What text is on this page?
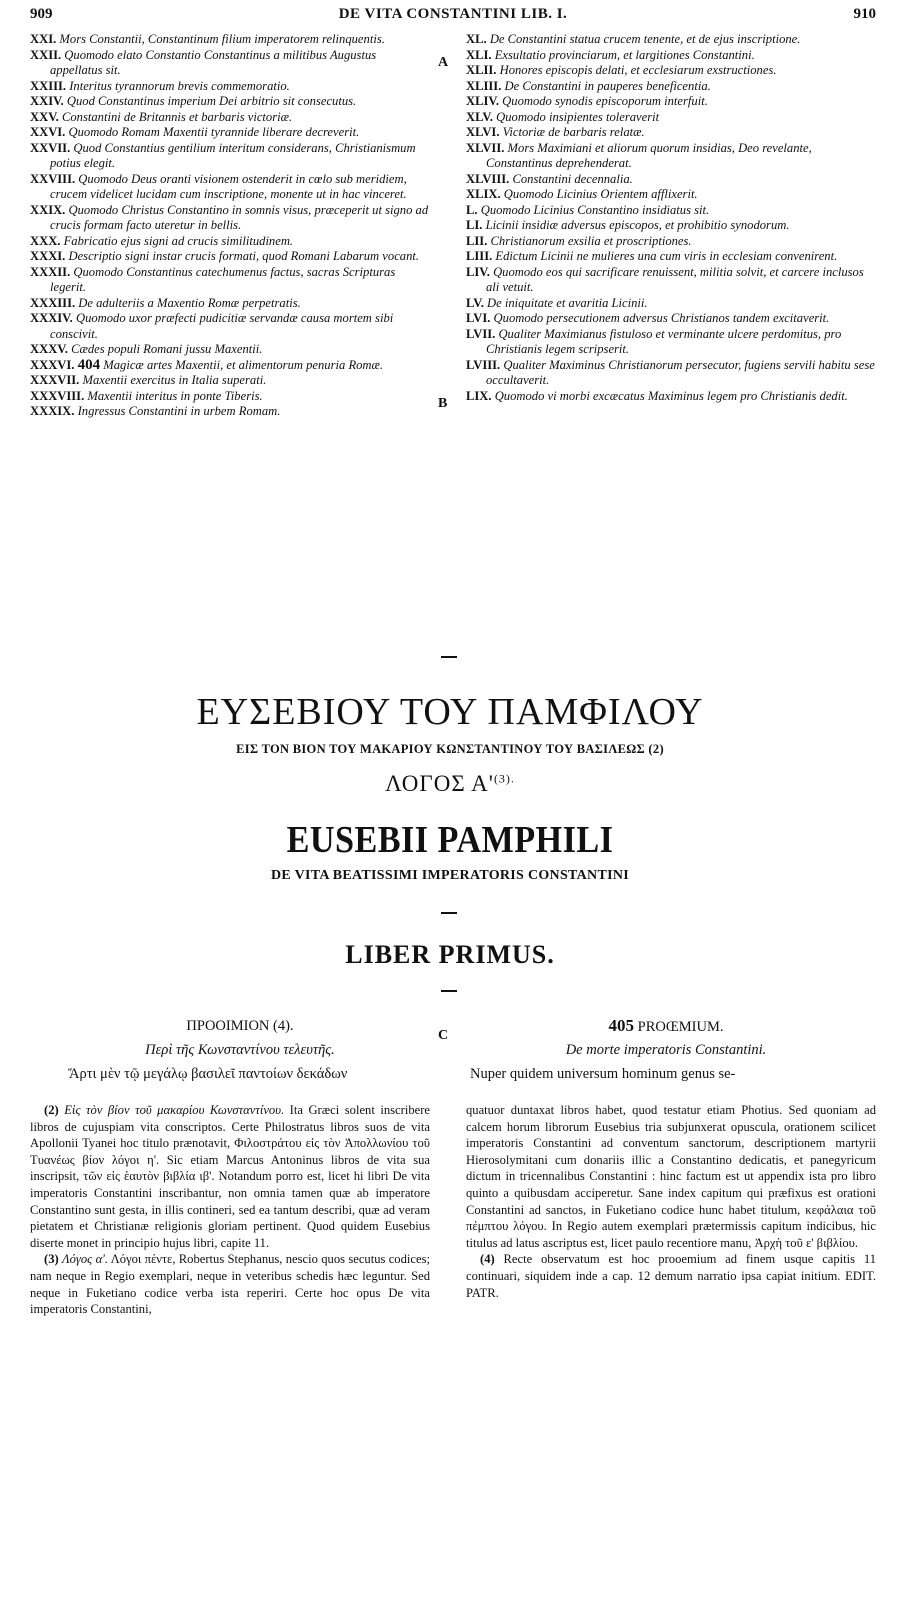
909	DE VITA CONSTANTINI LIB. I.	910
XXI. Mors Constantii, Constantinum filium imperatorem relinquentis.
XXII. Quomodo elato Constantio Constantinus a militibus Augustus appellatus sit.
XXIII. Interitus tyrannorum brevis commemoratio.
XXIV. Quod Constantinus imperium Dei arbitrio sit consecutus.
XXV. Constantini de Britannis et barbaris victoriæ.
XXVI. Quomodo Romam Maxentii tyrannide liberare decreverit.
XXVII. Quod Constantius gentilium interitum considerans, Christianismum potius elegit.
XXVIII. Quomodo Deus oranti visionem ostenderit in cœlo sub meridiem, crucem videlicet lucidam cum inscriptione, monente ut in hac vinceret.
XXIX. Quomodo Christus Constantino in somnis visus, præceperit ut signo ad crucis formam facto uteretur in bellis.
XXX. Fabricatio ejus signi ad crucis similitudinem.
XXXI. Descriptio signi instar crucis formati, quod Romani Labarum vocant.
XXXII. Quomodo Constantinus catechumenus factus, sacras Scripturas legerit.
XXXIII. De adulteriis a Maxentio Romæ perpetratis.
XXXIV. Quomodo uxor præfecti pudicitiæ servandæ causa mortem sibi conscivit.
XXXV. Cædes populi Romani jussu Maxentii.
XXXVI. 404 Magicæ artes Maxentii, et alimentorum penuria Romæ.
XXXVII. Maxentii exercitus in Italia superati.
XXXVIII. Maxentii interitus in ponte Tiberis.
XXXIX. Ingressus Constantini in urbem Romam.
XL. De Constantini statua crucem tenente, et de ejus inscriptione.
XLI. Exsultatio provinciarum, et largitiones Constantini.
XLII. Honores episcopis delati, et ecclesiarum exstructiones.
XLIII. De Constantini in pauperes beneficentia.
XLIV. Quomodo synodis episcoporum interfuit.
XLV. Quomodo insipientes toleraverit
XLVI. Victoriæ de barbaris relatæ.
XLVII. Mors Maximiani et aliorum quorum insidias, Deo revelante, Constantinus deprehenderat.
XLVIII. Constantini decennalia.
XLIX. Quomodo Licinius Orientem afflixerit.
L. Quomodo Licinius Constantino insidiatus sit.
LI. Licinii insidiæ adversus episcopos, et prohibitio synodorum.
LII. Christianorum exsilia et proscriptiones.
LIII. Edictum Licinii ne mulieres una cum viris in ecclesiam convenirent.
LIV. Quomodo eos qui sacrificare renuissent, militia solvit, et carcere inclusos ali vetuit.
LV. De iniquitate et avaritia Licinii.
LVI. Quomodo persecutionem adversus Christianos tandem excitaverit.
LVII. Qualiter Maximianus fistuloso et verminante ulcere perdomitus, pro Christianis legem scripserit.
LVIII. Qualiter Maximinus Christianorum persecutor, fugiens servili habitu sese occultaverit.
LIX. Quomodo vi morbi excæcatus Maximinus legem pro Christianis dedit.
A
B
C
ΕΥΣΕΒΙΟΥ ΤΟΥ ΠΑΜΦΙΛΟΥ
ΕΙΣ ΤΟΝ ΒΙΟΝ ΤΟΥ ΜΑΚΑΡΙΟΥ ΚΩΝΣΤΑΝΤΙΝΟΥ ΤΟΥ ΒΑΣΙΛΕΩΣ (2)
ΛΟΓΟΣ $A'^{(3).}$
EUSEBII PAMPHILI
DE VITA BEATISSIMI IMPERATORIS CONSTANTINI
LIBER PRIMUS.
ΠΡΟΟΙΜΙΟΝ (4).
Περὶ τῆς Κωνσταντίνου τελευτῆς.
Ἄρτι μὲν τῷ μεγάλῳ βασιλεῖ παντοίων δεκάδων
405 PROŒMIUM.
De morte imperatoris Constantini.
Nuper quidem universum hominum genus se-

(2) Εἰς τὸν βίον τοῦ μακαρίου Κωνσταντίνου. Ita Græci solent inscribere libros de cujuspiam vita conscriptos. Certe Philostratus libros suos de vita Apollonii Tyanei hoc titulo prænotavit, Φιλοστράτου εἰς τὸν Ἀπολλωνίου τοῦ Τυανέως βίον λόγοι η'. Sic etiam Marcus Antoninus libros de vita sua inscripsit, τῶν εἰς ἑαυτὸν βιβλία ιβ'. Notandum porro est, licet hi libri De vita imperatoris Constantini inscribantur, non omnia tamen quæ ab imperatore Constantino sunt gesta, in illis contineri, sed ea tantum describi, quæ ad veram pietatem et Christianæ religionis gloriam pertinent. Quod quidem Eusebius diserte monet in principio hujus libri, capite 11.

(3) Λόγος α'. Λόγοι πέντε, Robertus Stephanus, nescio quos secutus codices; nam neque in Regio exemplari, neque in veteribus schedis hæc leguntur. Sed neque in Fuketiano codice verba ista reperiri. Certe hoc opus De vita imperatoris Constantini,

quatuor duntaxat libros habet, quod testatur etiam Photius. Sed quoniam ad calcem horum librorum Eusebius tria subjunxerat opuscula, orationem scilicet imperatoris Constantini ad conventum sanctorum, descriptionem martyrii Hierosolymitani cum donariis illic a Constantino dedicatis, et panegyricum dictum in tricennalibus Constantini : hinc factum est ut appendix ista pro libro quinto a quibusdam acciperetur. Sane index capitum qui præfixus est orationi Constantini ad sanctos, in Fuketiano codice hunc habet titulum, κεφάλαια τοῦ πέμπτου λόγου. In Regio autem exemplari prætermissis capitum indicibus, hic titulus ad latus ascriptus est, licet paulo recentiore manu, Ἀρχὴ τοῦ ε' βιβλίου.

(4) Recte observatum est hoc prooemium ad finem usque capitis 11 continuari, siquidem inde a cap. 12 demum narratio ipsa capiat initium. EDIT. PATR.
